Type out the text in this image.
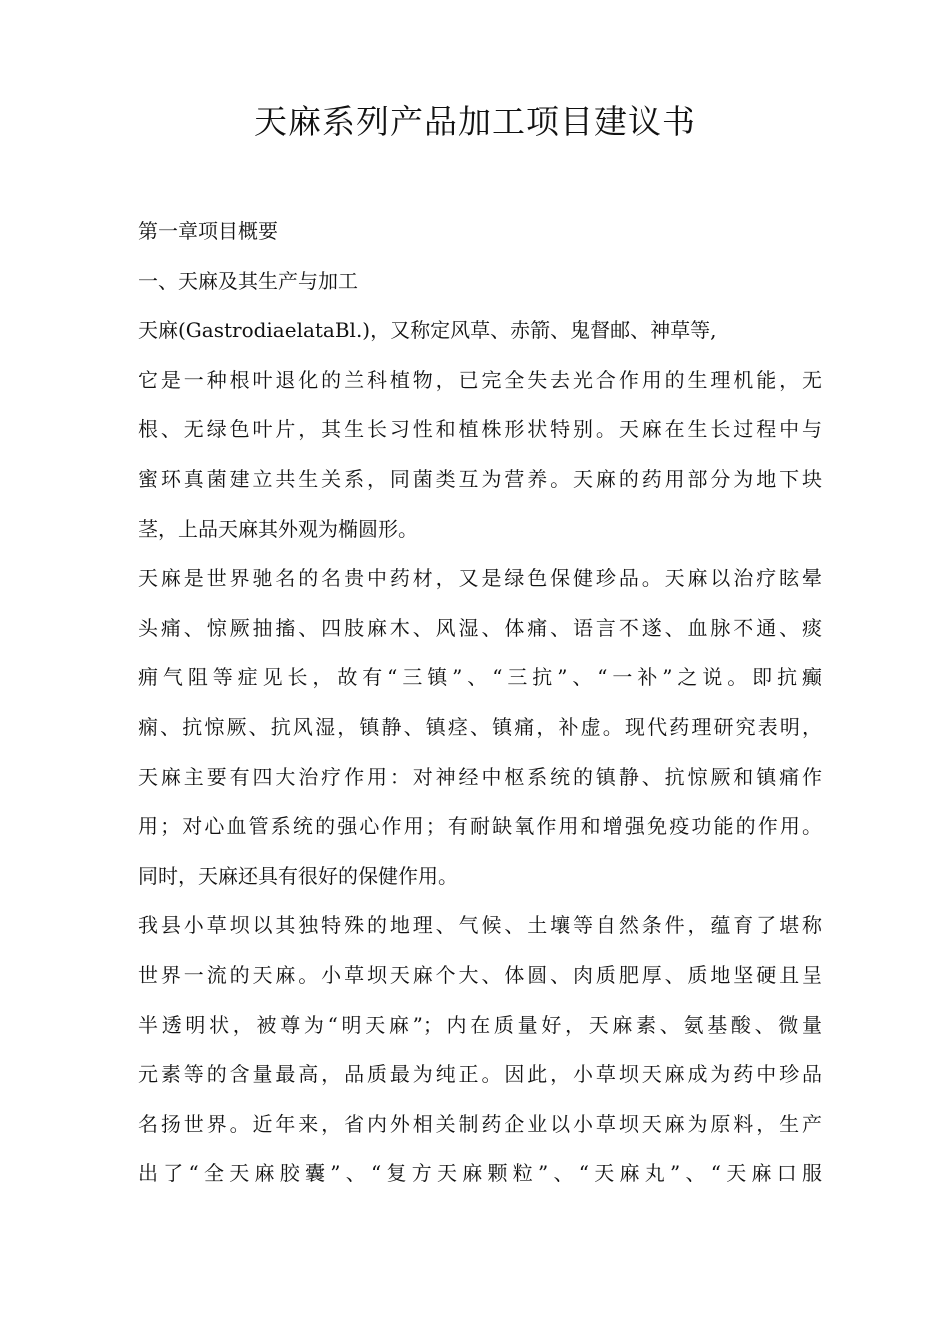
天麻系列产品加工项目建议书
第一章项目概要
一、天麻及其生产与加工
天麻(GastrodiaelataBl.)，又称定风草、赤箭、鬼督邮、神草等,
它是一种根叶退化的兰科植物，已完全失去光合作用的生理机能，无
根、无绿色叶片，其生长习性和植株形状特别。天麻在生长过程中与
蜜环真菌建立共生关系，同菌类互为营养。天麻的药用部分为地下块
茎，上品天麻其外观为椭圆形。
天麻是世界驰名的名贵中药材，又是绿色保健珍品。天麻以治疗眩晕
头痛、惊厥抽搐、四肢麻木、风湿、体痛、语言不遂、血脉不通、痰
痈气阻等症见长，故有“三镇”、“三抗”、“一补”之说。即抗癫
痫、抗惊厥、抗风湿，镇静、镇痉、镇痛，补虚。现代药理研究表明，
天麻主要有四大治疗作用：对神经中枢系统的镇静、抗惊厥和镇痛作
用；对心血管系统的强心作用；有耐缺氧作用和增强免疫功能的作用。
同时，天麻还具有很好的保健作用。
我县小草坝以其独特殊的地理、气候、土壤等自然条件，蕴育了堪称
世界一流的天麻。小草坝天麻个大、体圆、肉质肥厚、质地坚硬且呈
半透明状，被尊为“明天麻”；内在质量好，天麻素、氨基酸、微量
元素等的含量最高，品质最为纯正。因此，小草坝天麻成为药中珍品
名扬世界。近年来，省内外相关制药企业以小草坝天麻为原料，生产
出了“全天麻胶囊”、“复方天麻颗粒”、“天麻丸”、“天麻口服
